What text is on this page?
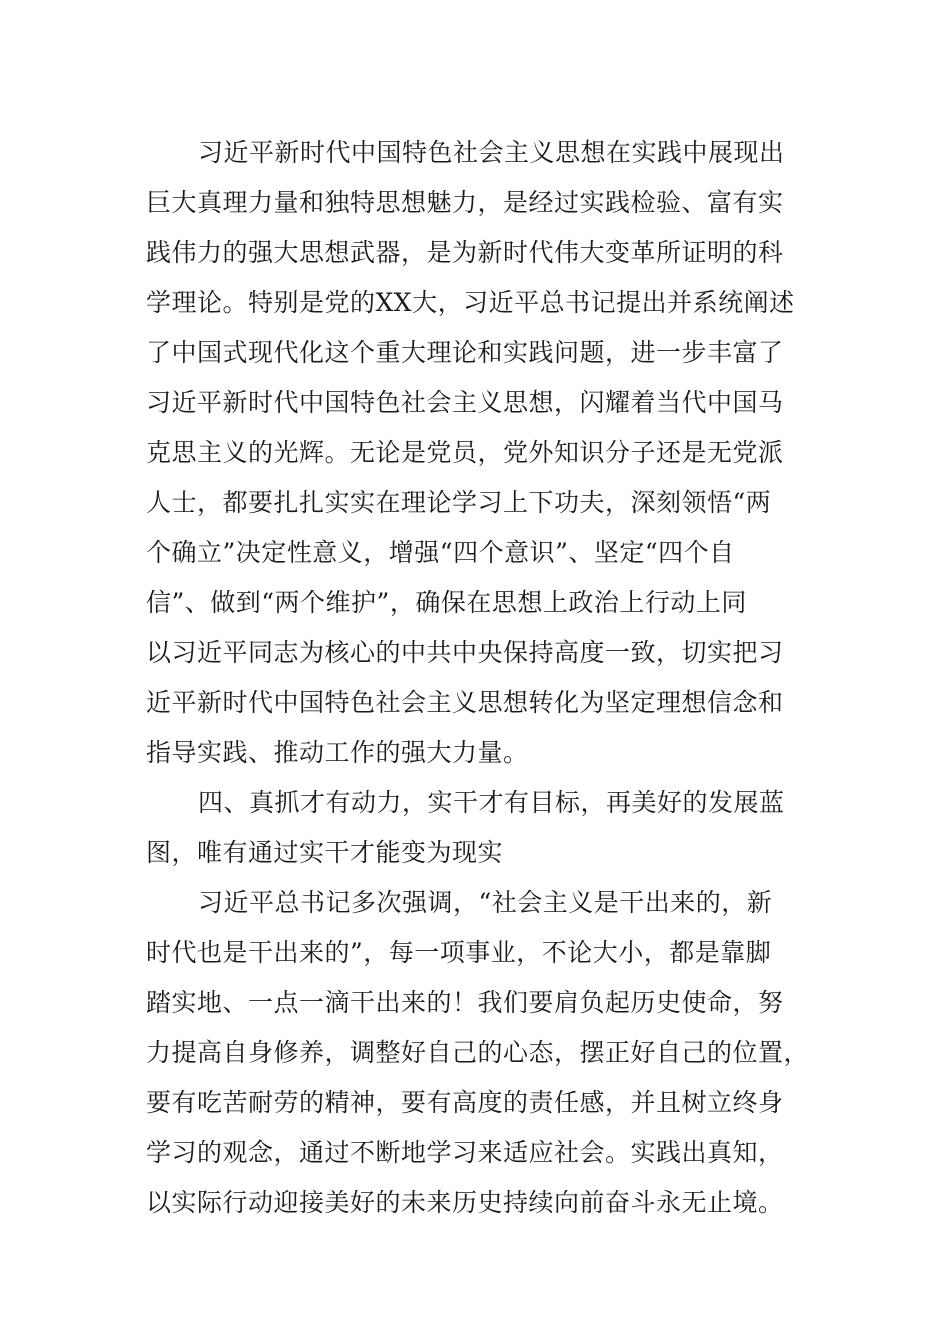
习近平新时代中国特色社会主义思想在实践中展现出
巨大真理力量和独特思想魅力，是经过实践检验、富有实
践伟力的强大思想武器，是为新时代伟大变革所证明的科
学理论。特别是党的XX大，习近平总书记提出并系统阐述
了中国式现代化这个重大理论和实践问题，进一步丰富了
习近平新时代中国特色社会主义思想，闪耀着当代中国马
克思主义的光辉。无论是党员，党外知识分子还是无党派
人士，都要扎扎实实在理论学习上下功夫，深刻领悟“两
个确立”决定性意义，增强“四个意识”、坚定“四个自
信”、做到“两个维护”，确保在思想上政治上行动上同
以习近平同志为核心的中共中央保持高度一致，切实把习
近平新时代中国特色社会主义思想转化为坚定理想信念和
指导实践、推动工作的强大力量。
四、真抓才有动力，实干才有目标，再美好的发展蓝
图，唯有通过实干才能变为现实
习近平总书记多次强调，“社会主义是干出来的，新
时代也是干出来的”，每一项事业，不论大小，都是靠脚
踏实地、一点一滴干出来的！我们要肩负起历史使命，努
力提高自身修养，调整好自己的心态，摆正好自己的位置，
要有吃苦耐劳的精神，要有高度的责任感，并且树立终身
学习的观念，通过不断地学习来适应社会。实践出真知，
以实际行动迎接美好的未来历史持续向前奋斗永无止境。
